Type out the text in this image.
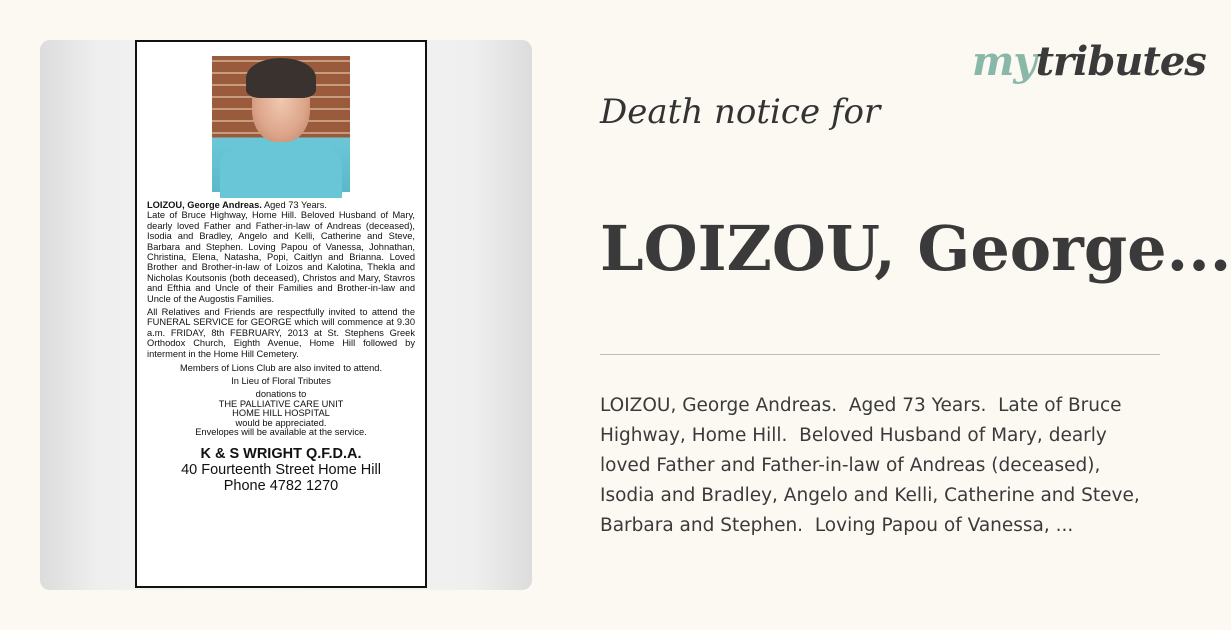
LOIZOU, George Andreas. Aged 73 Years.

Late of Bruce Highway, Home Hill. Beloved Husband of Mary, dearly loved Father and Father-in-law of Andreas (deceased), Isodia and Bradley, Angelo and Kelli, Catherine and Steve, Barbara and Stephen. Loving Papou of Vanessa, Johnathan, Christina, Elena, Natasha, Popi, Caitlyn and Brianna. Loved Brother and Brother-in-law of Loizos and Kalotina, Thekla and Nicholas Koutsonis (both deceased), Christos and Mary, Stavros and Efthia and Uncle of their Families and Brother-in-law and Uncle of the Augostis Families.

All Relatives and Friends are respectfully invited to attend the FUNERAL SERVICE for GEORGE which will commence at 9.30 a.m. FRIDAY, 8th FEBRUARY, 2013 at St. Stephens Greek Orthodox Church, Eighth Avenue, Home Hill followed by interment in the Home Hill Cemetery.

Members of Lions Club are also invited to attend.

In Lieu of Floral Tributes

donations to
THE PALLIATIVE CARE UNIT
HOME HILL HOSPITAL
would be appreciated.
Envelopes will be available at the service.

K & S WRIGHT Q.F.D.A.
40 Fourteenth Street Home Hill
Phone 4782 1270
mytributes
Death notice for
LOIZOU, George...
LOIZOU, George Andreas.  Aged 73 Years.  Late of Bruce Highway, Home Hill.  Beloved Husband of Mary, dearly loved Father and Father-in-law of Andreas (deceased), Isodia and Bradley, Angelo and Kelli, Catherine and Steve, Barbara and Stephen.  Loving Papou of Vanessa, ...
